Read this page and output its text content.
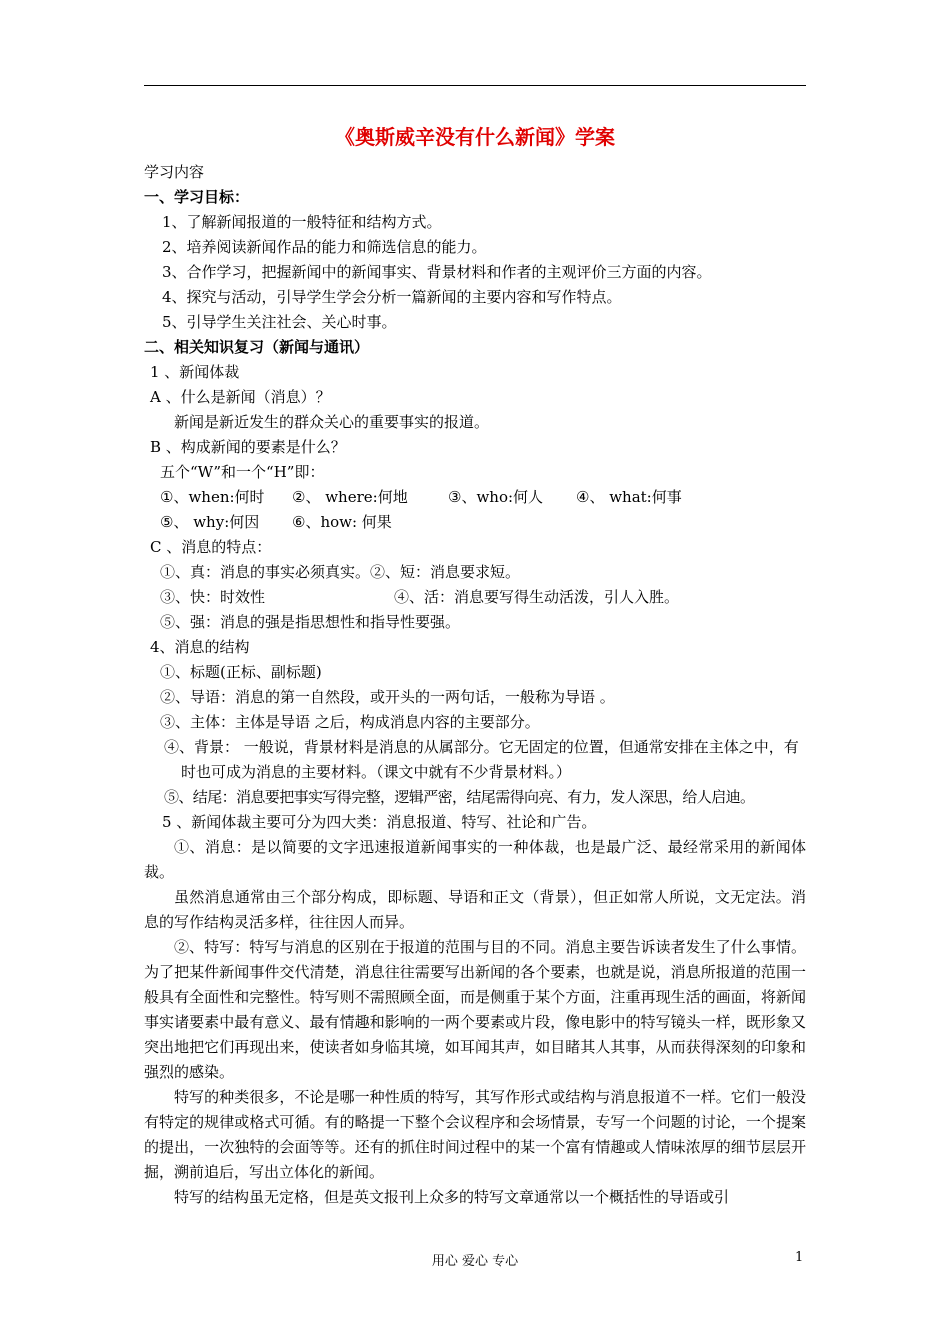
《奥斯威辛没有什么新闻》学案
学习内容
一、学习目标：
1、了解新闻报道的一般特征和结构方式。
2、培养阅读新闻作品的能力和筛选信息的能力。
3、合作学习，把握新闻中的新闻事实、背景材料和作者的主观评价三方面的内容。
4、探究与活动，引导学生学会分析一篇新闻的主要内容和写作特点。
5、引导学生关注社会、关心时事。
二、相关知识复习（新闻与通讯）
1 、新闻体裁
A 、什么是新闻（消息）？
新闻是新近发生的群众关心的重要事实的报道。
B 、构成新闻的要素是什么？
五个“W”和一个“H”即：
①、when:何时 ②、 where:何地	③、who:何人 ④、 what:何事
⑤、 why:何因 ⑥、how: 何果
C 、消息的特点：
①、真：消息的事实必须真实。②、短：消息要求短。
③、快：时效性	④、活：消息要写得生动活泼，引人入胜。
⑤、强：消息的强是指思想性和指导性要强。
4、消息的结构
①、标题(正标、副标题)
②、导语：消息的第一自然段，或开头的一两句话，一般称为导语 。
③、主体：主体是导语 之后，构成消息内容的主要部分。
④、背景： 一般说，背景材料是消息的从属部分。它无固定的位置，但通常安排在主体之中，有时也可成为消息的主要材料。（课文中就有不少背景材料。）
⑤、结尾：消息要把事实写得完整，逻辑严密，结尾需得向亮、有力，发人深思，给人启迪。
5 、新闻体裁主要可分为四大类：消息报道、特写、社论和广告。

①、消息：是以简要的文字迅速报道新闻事实的一种体裁，也是最广泛、最经常采用的新闻体裁。

虽然消息通常由三个部分构成，即标题、导语和正文（背景），但正如常人所说，文无定法。消息的写作结构灵活多样，往往因人而异。

②、特写：特写与消息的区别在于报道的范围与目的不同。消息主要告诉读者发生了什么事情。为了把某件新闻事件交代清楚，消息往往需要写出新闻的各个要素，也就是说，消息所报道的范围一般具有全面性和完整性。特写则不需照顾全面，而是侧重于某个方面，注重再现生活的画面，将新闻事实诸要素中最有意义、最有情趣和影响的一两个要素或片段，像电影中的特写镜头一样，既形象又突出地把它们再现出来，使读者如身临其境，如耳闻其声，如目睹其人其事，从而获得深刻的印象和强烈的感染。

特写的种类很多，不论是哪一种性质的特写，其写作形式或结构与消息报道不一样。它们一般没有特定的规律或格式可循。有的略提一下整个会议程序和会场情景，专写一个问题的讨论，一个提案的提出，一次独特的会面等等。还有的抓住时间过程中的某一个富有情趣或人情味浓厚的细节层层开掘，溯前追后，写出立体化的新闻。

特写的结构虽无定格，但是英文报刊上众多的特写文章通常以一个概括性的导语或引

用心 爱心 专心	1
